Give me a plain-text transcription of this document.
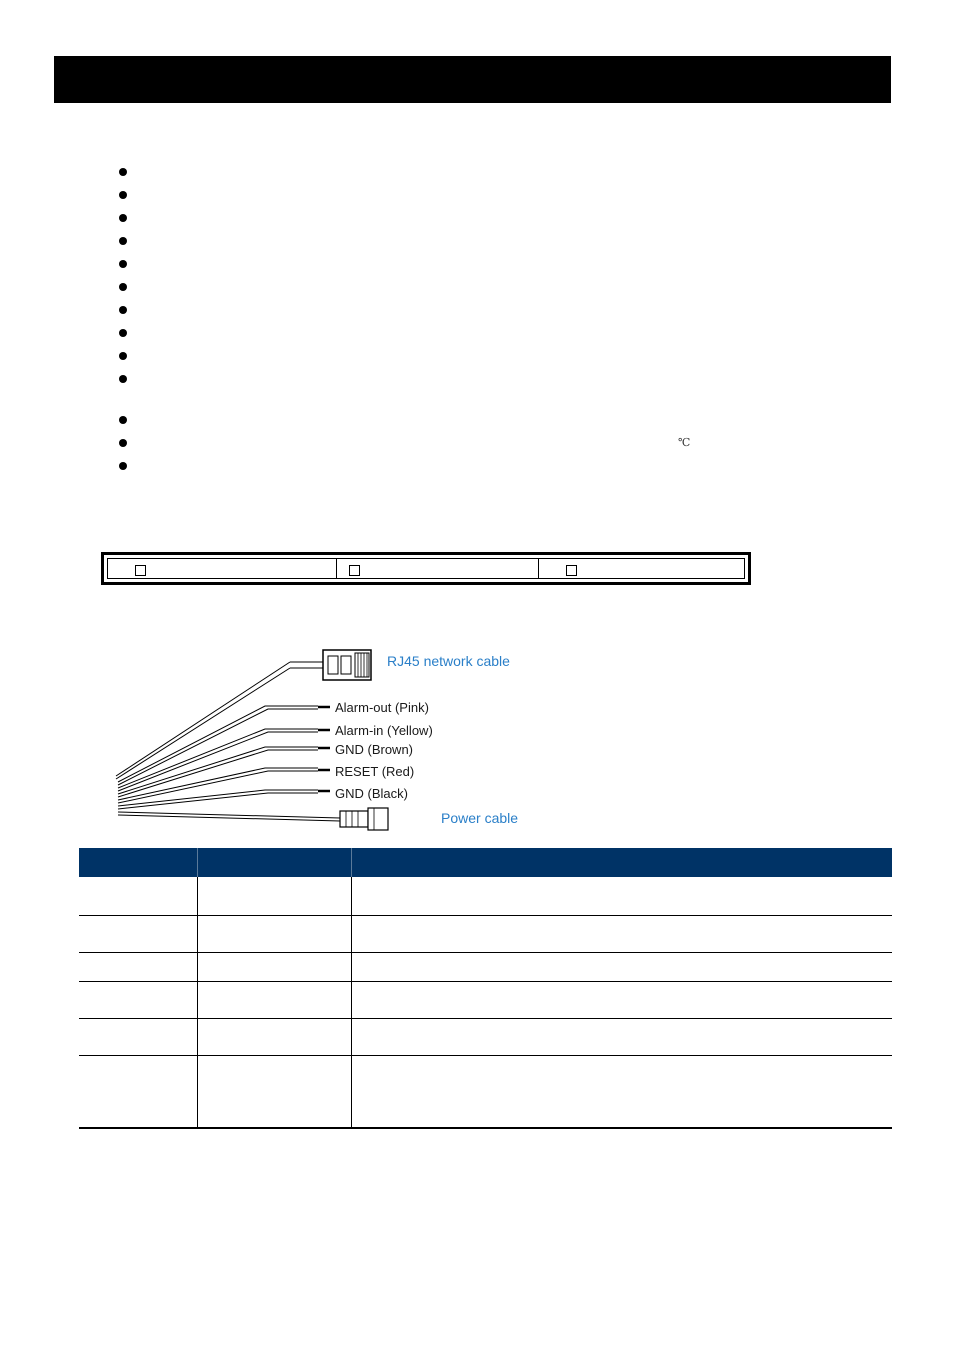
℃
RJ45 network cable
Alarm-out (Pink)
Alarm-in (Yellow)
GND (Brown)
RESET (Red)
GND (Black)
Power cable
